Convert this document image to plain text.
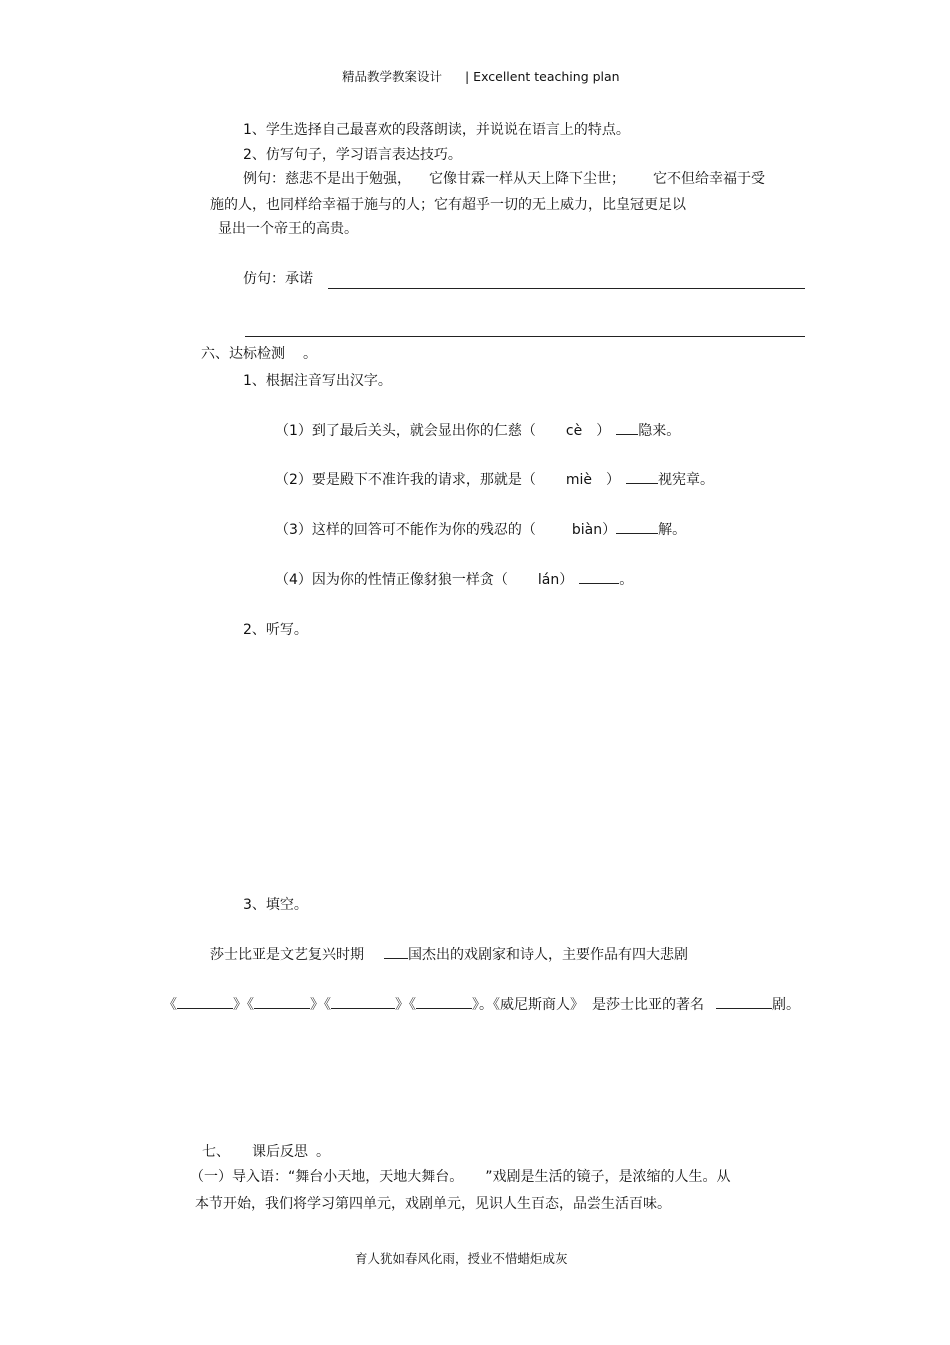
精品教学教案设计 | Excellent teaching plan
1、学生选择自己最喜欢的段落朗读，并说说在语言上的特点。
2、仿写句子，学习语言表达技巧。
例句：慈悲不是出于勉强， 它像甘霖一样从天上降下尘世； 它不但给幸福于受
施的人，也同样给幸福于施与的人；它有超乎一切的无上威力，比皇冠更足以
显出一个帝王的高贵。
仿句：承诺
六、达标检测 。
1、根据注音写出汉字。
（1）到了最后关头，就会显出你的仁慈（ cè ） 隐来。
（2）要是殿下不准许我的请求，那就是（ miè ）	视宪章。
（3）这样的回答可不能作为你的残忍的（	biàn）	解。
（4）因为你的性情正像豺狼一样贪（ lán）	。
2、听写。
3、填空。
莎士比亚是文艺复兴时期	国杰出的戏剧家和诗人，主要作品有四大悲剧
《	》《	》《	》《	》。《威尼斯商人》 是莎士比亚的著名	剧。
七、 课后反思 。
（一）导入语：“舞台小天地，天地大舞台。 ”戏剧是生活的镜子，是浓缩的人生。从
本节开始，我们将学习第四单元，戏剧单元，见识人生百态，品尝生活百味。
育人犹如春风化雨，授业不惜蜡炬成灰
